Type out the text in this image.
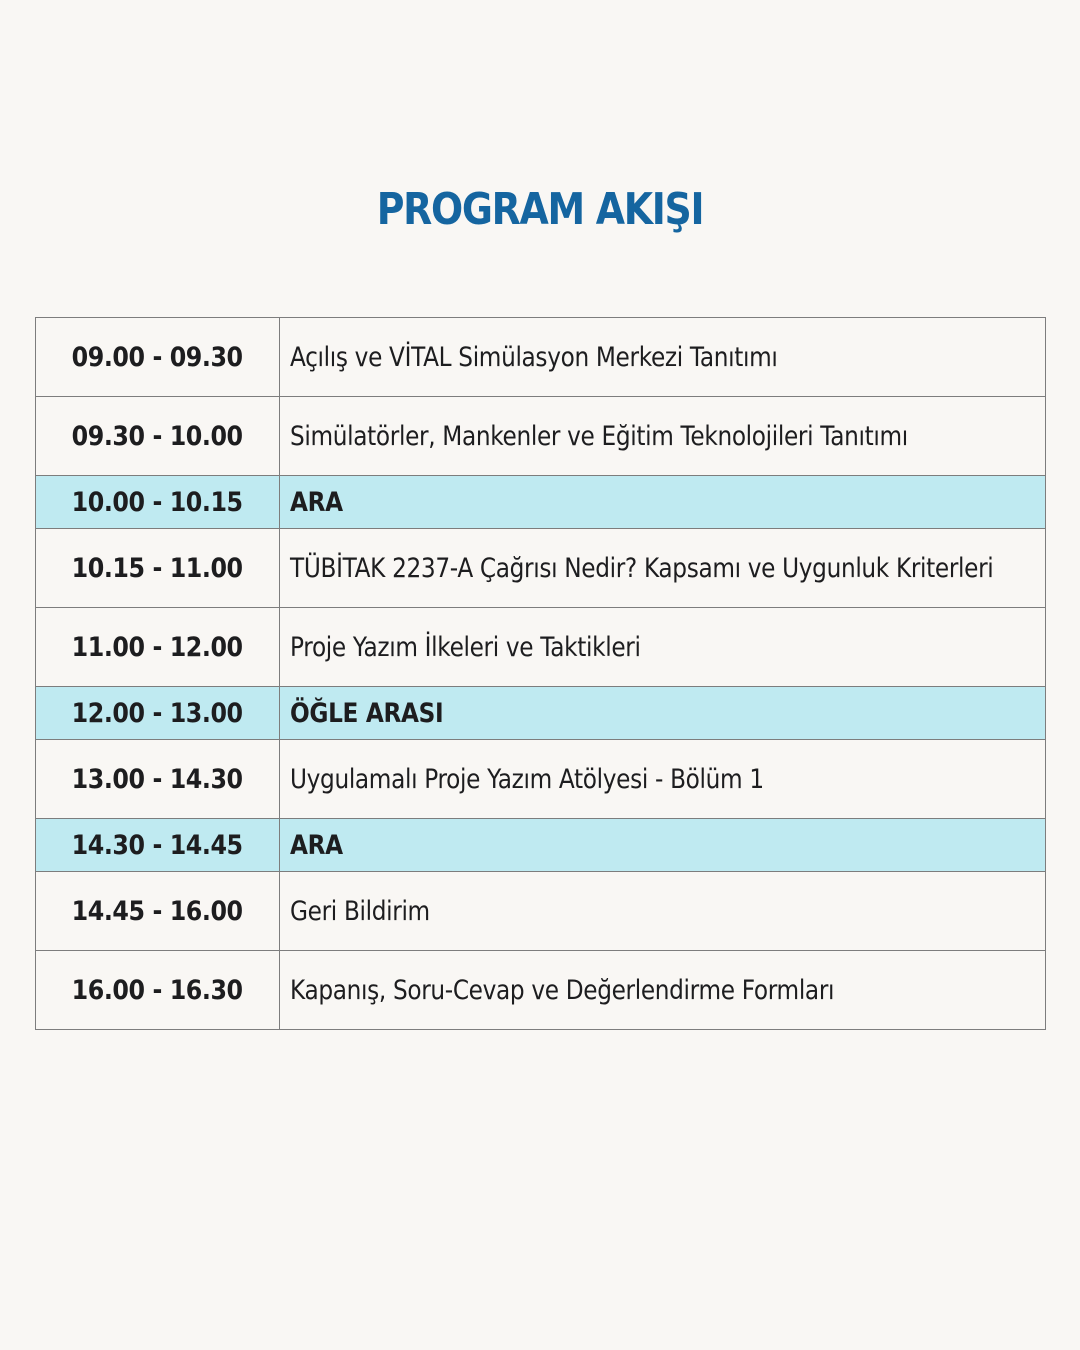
PROGRAM AKIŞI
09.00 - 09.30	Açılış ve VİTAL Simülasyon Merkezi Tanıtımı
09.30 - 10.00	Simülatörler, Mankenler ve Eğitim Teknolojileri Tanıtımı
10.00 - 10.15	ARA
10.15 - 11.00	TÜBİTAK 2237-A Çağrısı Nedir? Kapsamı ve Uygunluk Kriterleri
11.00 - 12.00	Proje Yazım İlkeleri ve Taktikleri
12.00 - 13.00	ÖĞLE ARASI
13.00 - 14.30	Uygulamalı Proje Yazım Atölyesi - Bölüm 1
14.30 - 14.45	ARA
14.45 - 16.00	Geri Bildirim
16.00 - 16.30	Kapanış, Soru-Cevap ve Değerlendirme Formları
